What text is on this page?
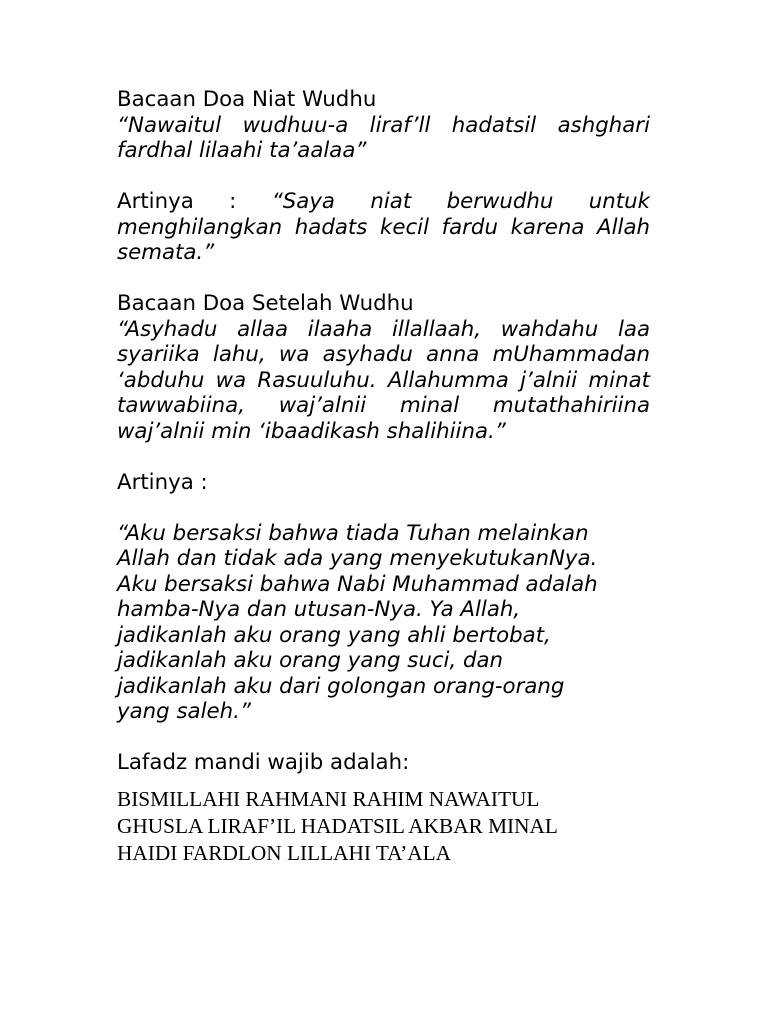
Bacaan Doa Niat Wudhu

“Nawaitul wudhuu-a liraf’ll hadatsil ashghari fardhal lilaahi ta’aalaa”

Artinya : “Saya niat berwudhu untuk menghilangkan hadats kecil fardu karena Allah semata.”

Bacaan Doa Setelah Wudhu

“Asyhadu allaa ilaaha illallaah, wahdahu laa syariika lahu, wa asyhadu anna mUhammadan ‘abduhu wa Rasuuluhu. Allahumma j’alnii minat tawwabiina, waj’alnii minal mutathahiriina waj’alnii min ‘ibaadikash shalihiina.”

Artinya :

“Aku bersaksi bahwa tiada Tuhan melainkan
Allah dan tidak ada yang menyekutukanNya.
Aku bersaksi bahwa Nabi Muhammad adalah
hamba-Nya dan utusan-Nya. Ya Allah,
jadikanlah aku orang yang ahli bertobat,
jadikanlah aku orang yang suci, dan
jadikanlah aku dari golongan orang-orang
yang saleh.”

Lafadz mandi wajib adalah:

BISMILLAHI RAHMANI RAHIM NAWAITUL
GHUSLA LIRAF’IL HADATSIL AKBAR MINAL
HAIDI FARDLON LILLAHI TA’ALA
